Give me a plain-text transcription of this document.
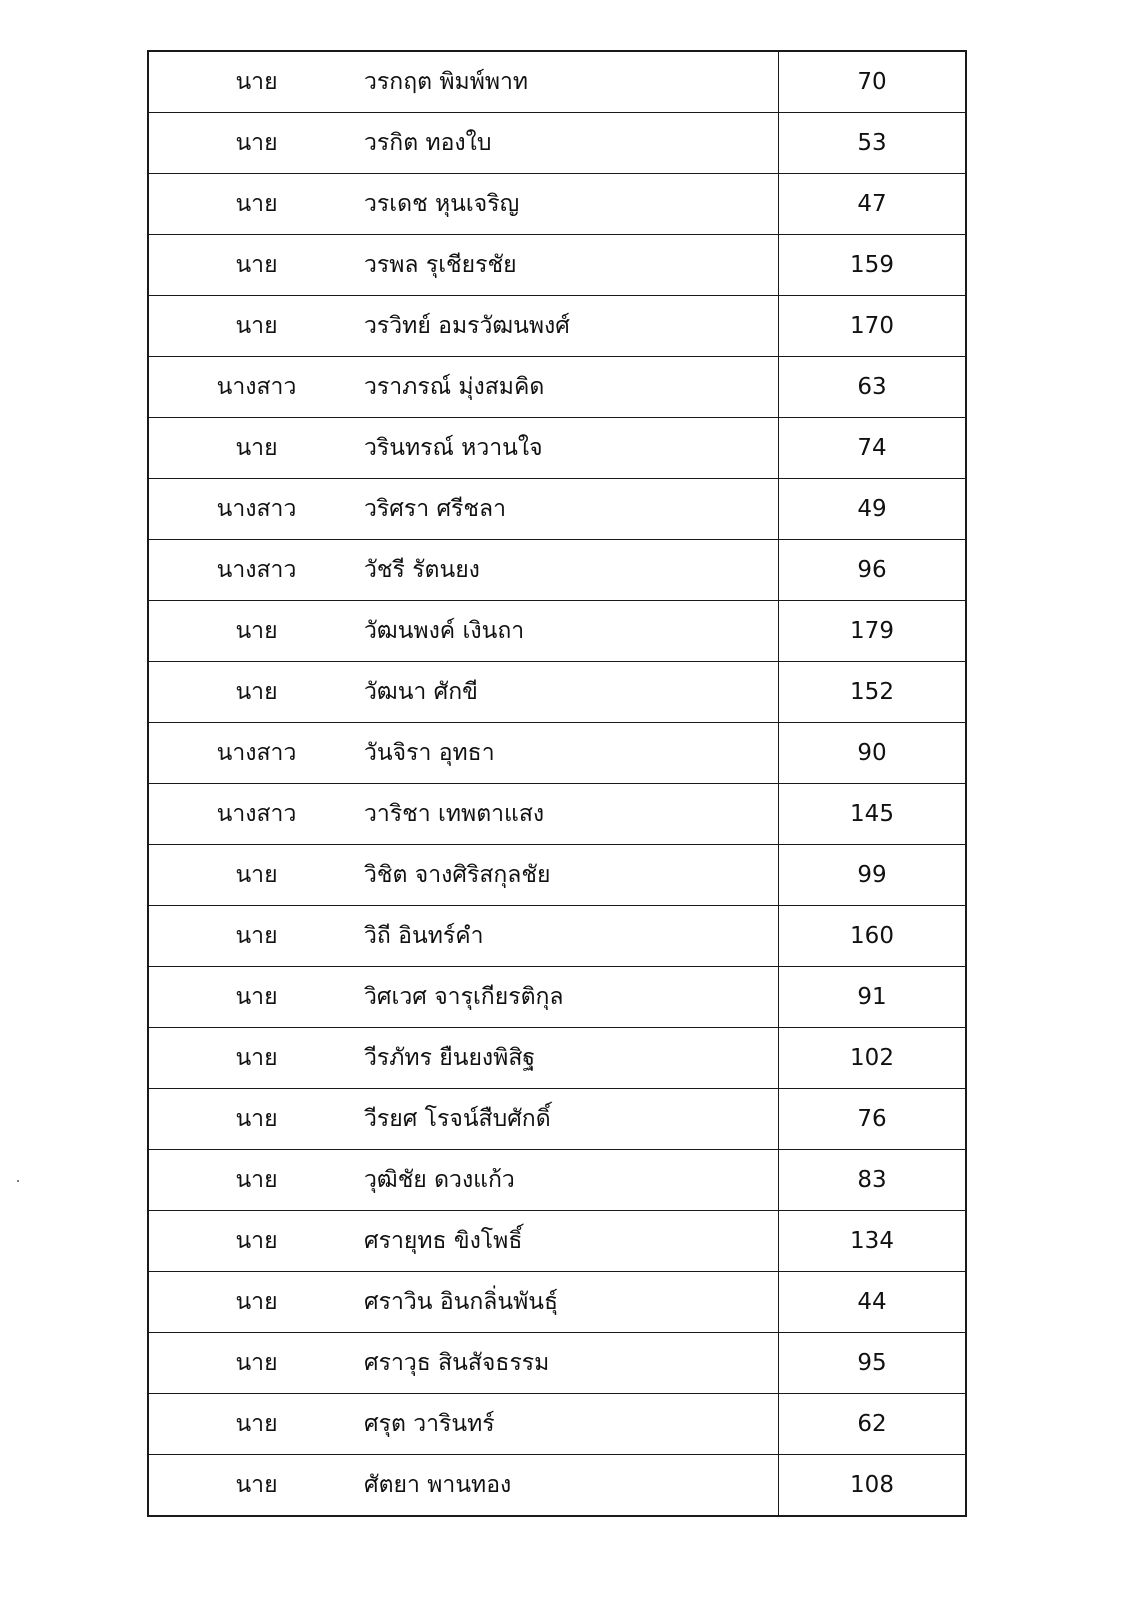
นาย	วรกฤต พิมพ์พาท	70
นาย	วรกิต ทองใบ	53
นาย	วรเดช หุนเจริญ	47
นาย	วรพล รุเชียรชัย	159
นาย	วรวิทย์ อมรวัฒนพงศ์	170
นางสาว	วราภรณ์ มุ่งสมคิด	63
นาย	วรินทรณ์ หวานใจ	74
นางสาว	วริศรา ศรีชลา	49
นางสาว	วัชรี รัตนยง	96
นาย	วัฒนพงค์ เงินถา	179
นาย	วัฒนา ศักขี	152
นางสาว	วันจิรา อุทธา	90
นางสาว	วาริชา เทพตาแสง	145
นาย	วิชิต จางศิริสกุลชัย	99
นาย	วิถี อินทร์คำ	160
นาย	วิศเวศ จารุเกียรติกุล	91
นาย	วีรภัทร ยืนยงพิสิฐ	102
นาย	วีรยศ โรจน์สืบศักดิ์	76
นาย	วุฒิชัย ดวงแก้ว	83
นาย	ศรายุทธ ขิงโพธิ์	134
นาย	ศราวิน อินกลิ่นพันธุ์	44
นาย	ศราวุธ สินสัจธรรม	95
นาย	ศรุต วารินทร์	62
นาย	ศัตยา พานทอง	108
